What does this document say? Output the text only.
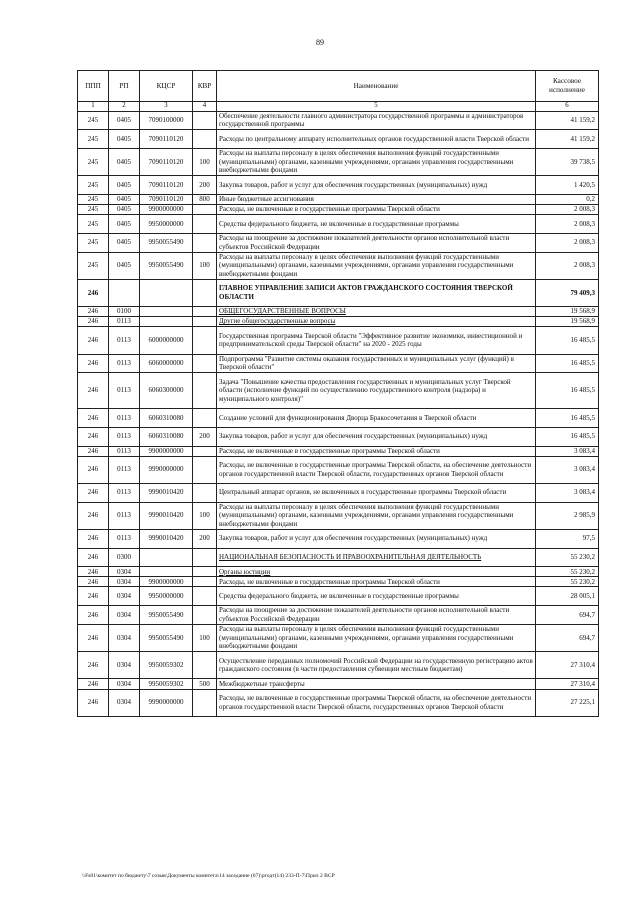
89
ППП	РП	КЦСР	КВР	Наименование	Кассовое исполнение
1	2	3	4	5	6
245	0405	7090100000		Обеспечение деятельности главного администратора государственной программы и администраторов государственной программы	41 159,2
245	0405	7090110120		Расходы по центральному аппарату исполнительных органов государственной власти Тверской области	41 159,2
245	0405	7090110120	100	Расходы на выплаты персоналу в целях обеспечения выполнения функций государственными (муниципальными) органами, казенными учреждениями, органами управления государственными внебюджетными фондами	39 738,5
245	0405	7090110120	200	Закупка товаров, работ и услуг для обеспечения государственных (муниципальных) нужд	1 420,5
245	0405	7090110120	800	Иные бюджетные ассигнования	0,2
245	0405	9900000000		Расходы, не включенные в государственные программы Тверской области	2 008,3
245	0405	9950000000		Средства федерального бюджета, не включенные в государственные программы	2 008,3
245	0405	9950055490		Расходы на поощрение за достижение показателей деятельности органов исполнительной власти субъектов Российской Федерации	2 008,3
245	0405	9950055490	100	Расходы на выплаты персоналу в целях обеспечения выполнения функций государственными (муниципальными) органами, казенными учреждениями, органами управления государственными внебюджетными фондами	2 008,3
246				ГЛАВНОЕ УПРАВЛЕНИЕ ЗАПИСИ АКТОВ ГРАЖДАНСКОГО СОСТОЯНИЯ ТВЕРСКОЙ ОБЛАСТИ	79 409,3
246	0100			ОБЩЕГОСУДАРСТВЕННЫЕ ВОПРОСЫ	19 568,9
246	0113			Другие общегосударственные вопросы	19 568,9
246	0113	6000000000		Государственная программа Тверской области "Эффективное развитие экономики, инвестиционной и предпринимательской среды Тверской области" на 2020 - 2025 годы	16 485,5
246	0113	6060000000		Подпрограмма "Развитие системы оказания государственных и муниципальных услуг (функций) в Тверской области"	16 485,5
246	0113	6060300000		Задача "Повышение качества предоставления государственных и муниципальных услуг Тверской области (исполнение функций по осуществлению государственного контроля (надзора) и муниципального контроля)"	16 485,5
246	0113	6060310080		Создание условий для функционирования Дворца Бракосочетания в Тверской области	16 485,5
246	0113	6060310080	200	Закупка товаров, работ и услуг для обеспечения государственных (муниципальных) нужд	16 485,5
246	0113	9900000000		Расходы, не включенные в государственные программы Тверской области	3 083,4
246	0113	9990000000		Расходы, не включенные в государственные программы Тверской области, на обеспечение деятельности органов государственной власти Тверской области, государственных органов Тверской области	3 083,4
246	0113	9990010420		Центральный аппарат органов, не включенных в государственные программы Тверской области	3 083,4
246	0113	9990010420	100	Расходы на выплаты персоналу в целях обеспечения выполнения функций государственными (муниципальными) органами, казенными учреждениями, органами управления государственными внебюджетными фондами	2 985,9
246	0113	9990010420	200	Закупка товаров, работ и услуг для обеспечения государственных (муниципальных) нужд	97,5
246	0300			НАЦИОНАЛЬНАЯ БЕЗОПАСНОСТЬ И ПРАВООХРАНИТЕЛЬНАЯ ДЕЯТЕЛЬНОСТЬ	55 230,2
246	0304			Органы юстиции	55 230,2
246	0304	9900000000		Расходы, не включенные в государственные программы Тверской области	55 230,2
246	0304	9950000000		Средства федерального бюджета, не включенные в государственные программы	28 005,1
246	0304	9950055490		Расходы на поощрение за достижение показателей деятельности органов исполнительной власти субъектов Российской Федерации	694,7
246	0304	9950055490	100	Расходы на выплаты персоналу в целях обеспечения выполнения функций государственными (муниципальными) органами, казенными учреждениями, органами управления государственными внебюджетными фондами	694,7
246	0304	9950059302		Осуществление переданных полномочий Российской Федерации на государственную регистрацию актов гражданского состояния (в части предоставления субвенции местным бюджетам)	27 310,4
246	0304	9950059302	500	Межбюджетные трансферты	27 310,4
246	0304	9990000000		Расходы, не включенные в государственные программы Тверской области, на обеспечение деятельности органов государственной власти Тверской области, государственных органов Тверской области	27 225,1
\\Fs01\комитет по бюджету\7 созыв\Документы комитета\14 заседание (07)\pгодт(14) 233-П-7\Прил 2 ВСР
